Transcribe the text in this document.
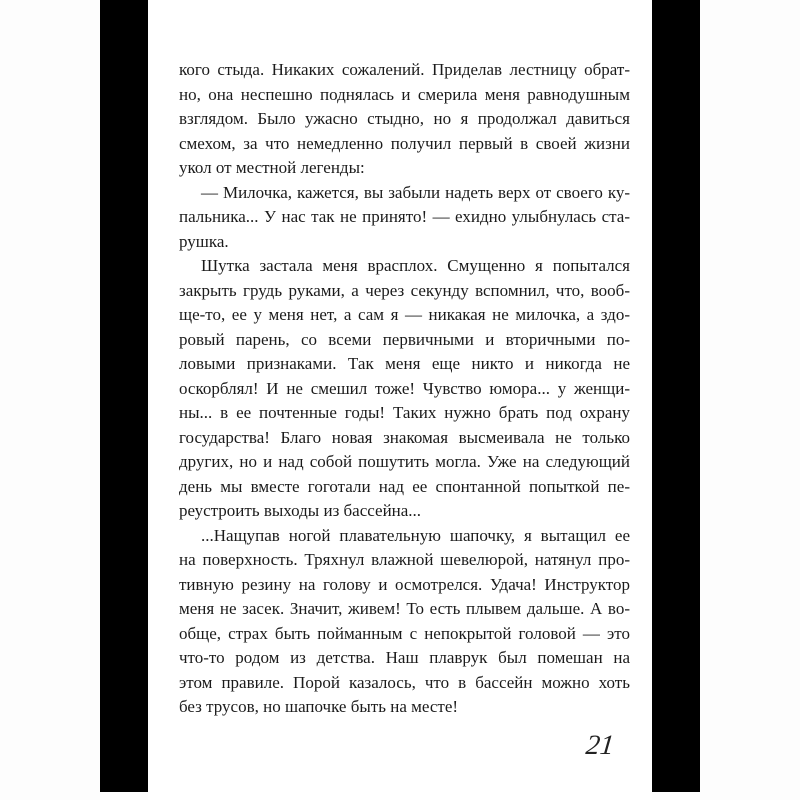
кого стыда. Никаких сожалений. Приделав лестницу обрат-
но, она неспешно поднялась и смерила меня равнодушным
взглядом. Было ужасно стыдно, но я продолжал давиться
смехом, за что немедленно получил первый в своей жизни
укол от местной легенды:
— Милочка, кажется, вы забыли надеть верх от своего ку-
пальника... У нас так не принято! — ехидно улыбнулась ста-
рушка.
Шутка застала меня врасплох. Смущенно я попытался
закрыть грудь руками, а через секунду вспомнил, что, вооб-
ще-то, ее у меня нет, а сам я — никакая не милочка, а здо-
ровый парень, со всеми первичными и вторичными по-
ловыми признаками. Так меня еще никто и никогда не
оскорблял! И не смешил тоже! Чувство юмора... у женщи-
ны... в ее почтенные годы! Таких нужно брать под охрану
государства! Благо новая знакомая высмеивала не только
других, но и над собой пошутить могла. Уже на следующий
день мы вместе гоготали над ее спонтанной попыткой пе-
реустроить выходы из бассейна...
...Нащупав ногой плавательную шапочку, я вытащил ее
на поверхность. Тряхнул влажной шевелюрой, натянул про-
тивную резину на голову и осмотрелся. Удача! Инструктор
меня не засек. Значит, живем! То есть плывем дальше. А во-
обще, страх быть пойманным с непокрытой головой — это
что-то родом из детства. Наш плаврук был помешан на
этом правиле. Порой казалось, что в бассейн можно хоть
без трусов, но шапочке быть на месте!
21
